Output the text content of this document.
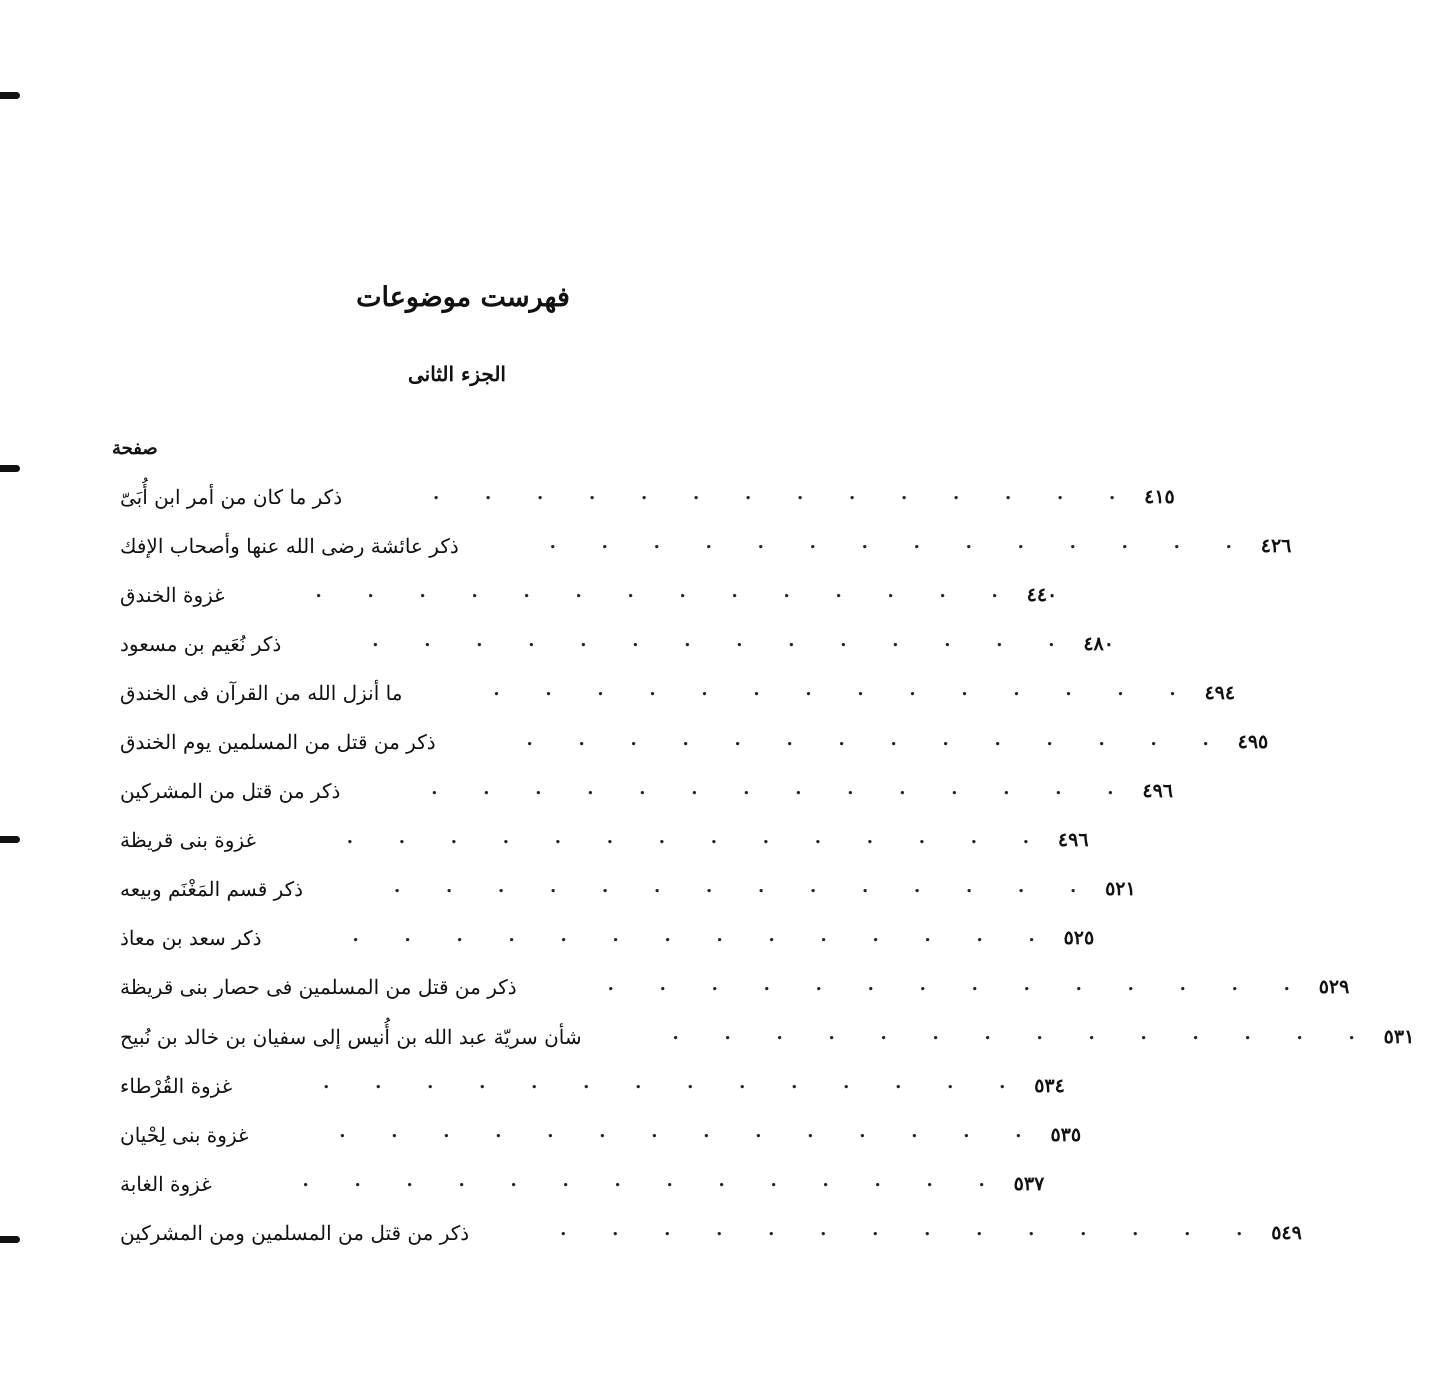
فهرست موضوعات
الجزء الثانى
صفحة
ذكر ما كان من أمر ابن أُبَىّ	.	.	.	.	.	.	.	.	.	.	.	.	.	.	٤١٥
ذكر عائشة رضى الله عنها وأصحاب الإفك	.	.	.	.	.	.	.	.	.	.	.	.	.	.	٤٢٦
غزوة الخندق	.	.	.	.	.	.	.	.	.	.	.	.	.	.	٤٤٠
ذكر نُعَيم بن مسعود	.	.	.	.	.	.	.	.	.	.	.	.	.	.	٤٨٠
ما أنزل الله من القرآن فى الخندق	.	.	.	.	.	.	.	.	.	.	.	.	.	.	٤٩٤
ذكر من قتل من المسلمين يوم الخندق	.	.	.	.	.	.	.	.	.	.	.	.	.	.	٤٩٥
ذكر من قتل من المشركين	.	.	.	.	.	.	.	.	.	.	.	.	.	.	٤٩٦
غزوة بنى قريظة	.	.	.	.	.	.	.	.	.	.	.	.	.	.	٤٩٦
ذكر قسم المَغْنَم وبيعه	.	.	.	.	.	.	.	.	.	.	.	.	.	.	٥٢١
ذكر سعد بن معاذ	.	.	.	.	.	.	.	.	.	.	.	.	.	.	٥٢٥
ذكر من قتل من المسلمين فى حصار بنى قريظة	.	.	.	.	.	.	.	.	.	.	.	.	.	.	٥٢٩
شأن سريّة عبد الله بن أُنيس إلى سفيان بن خالد بن نُبيح	.	.	.	.	.	.	.	.	.	.	.	.	.	.	٥٣١
غزوة القُرْطاء	.	.	.	.	.	.	.	.	.	.	.	.	.	.	٥٣٤
غزوة بنى لِحْيان	.	.	.	.	.	.	.	.	.	.	.	.	.	.	٥٣٥
غزوة الغابة	.	.	.	.	.	.	.	.	.	.	.	.	.	.	٥٣٧
ذكر من قتل من المسلمين ومن المشركين	.	.	.	.	.	.	.	.	.	.	.	.	.	.	٥٤٩
